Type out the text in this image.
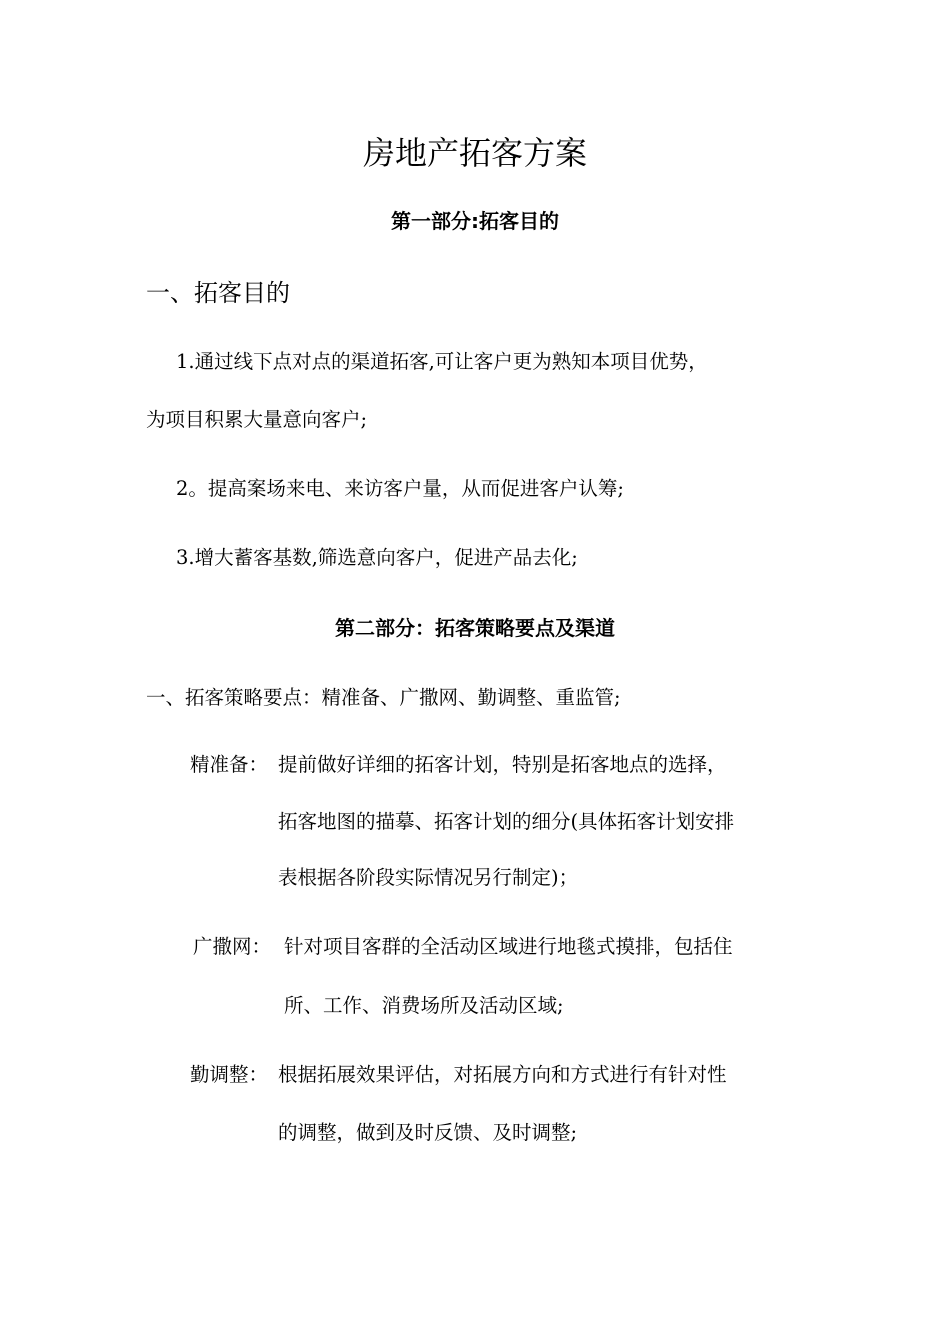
房地产拓客方案
第一部分:拓客目的
一、拓客目的
1.通过线下点对点的渠道拓客,可让客户更为熟知本项目优势，
为项目积累大量意向客户;
2。提高案场来电、来访客户量，从而促进客户认筹;
3.增大蓄客基数,筛选意向客户，促进产品去化;
第二部分：拓客策略要点及渠道
一、拓客策略要点：精准备、广撒网、勤调整、重监管;
精准备： 提前做好详细的拓客计划，特别是拓客地点的选择，
拓客地图的描摹、拓客计划的细分(具体拓客计划安排
表根据各阶段实际情况另行制定)；
广撒网： 针对项目客群的全活动区域进行地毯式摸排，包括住
所、工作、消费场所及活动区域;
勤调整： 根据拓展效果评估，对拓展方向和方式进行有针对性
的调整，做到及时反馈、及时调整;
